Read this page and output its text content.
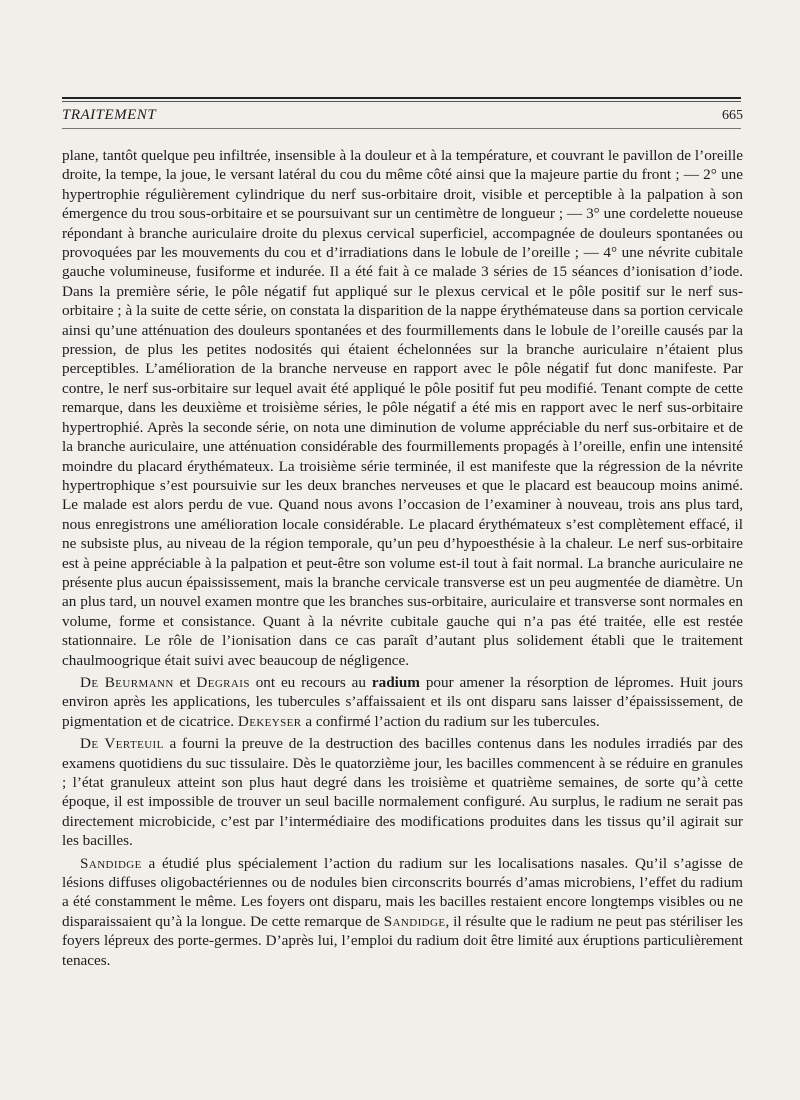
TRAITEMENT	665

plane, tantôt quelque peu infiltrée, insensible à la douleur et à la température, et couvrant le pavillon de l’oreille droite, la tempe, la joue, le versant latéral du cou du même côté ainsi que la majeure partie du front ; — 2° une hypertrophie régulièrement cylindrique du nerf sus-orbitaire droit, visible et perceptible à la palpation à son émergence du trou sous-orbitaire et se poursuivant sur un centimètre de longueur ; — 3° une cordelette noueuse répondant à branche auriculaire droite du plexus cervical superficiel, accompagnée de douleurs spontanées ou provoquées par les mouvements du cou et d’irradiations dans le lobule de l’oreille ; — 4° une névrite cubitale gauche volumineuse, fusiforme et indurée. Il a été fait à ce malade 3 séries de 15 séances d’ionisation d’iode. Dans la première série, le pôle négatif fut appliqué sur le plexus cervical et le pôle positif sur le nerf sus-orbitaire ; à la suite de cette série, on constata la disparition de la nappe érythémateuse dans sa portion cervicale ainsi qu’une atténuation des douleurs spontanées et des fourmillements dans le lobule de l’oreille causés par la pression, de plus les petites nodosités qui étaient échelonnées sur la branche auriculaire n’étaient plus perceptibles. L’amélioration de la branche nerveuse en rapport avec le pôle négatif fut donc manifeste. Par contre, le nerf sus-orbitaire sur lequel avait été appliqué le pôle positif fut peu modifié. Tenant compte de cette remarque, dans les deuxième et troisième séries, le pôle négatif a été mis en rapport avec le nerf sus-orbitaire hypertrophié. Après la seconde série, on nota une diminution de volume appréciable du nerf sus-orbitaire et de la branche auriculaire, une atténuation considérable des fourmillements propagés à l’oreille, enfin une intensité moindre du placard érythémateux. La troisième série terminée, il est manifeste que la régression de la névrite hypertrophique s’est poursuivie sur les deux branches nerveuses et que le placard est beaucoup moins animé. Le malade est alors perdu de vue. Quand nous avons l’occasion de l’examiner à nouveau, trois ans plus tard, nous enregistrons une amélioration locale considérable. Le placard érythémateux s’est complètement effacé, il ne subsiste plus, au niveau de la région temporale, qu’un peu d’hypoesthésie à la chaleur. Le nerf sus-orbitaire est à peine appréciable à la palpation et peut-être son volume est-il tout à fait normal. La branche auriculaire ne présente plus aucun épaississement, mais la branche cervicale transverse est un peu augmentée de diamètre. Un an plus tard, un nouvel examen montre que les branches sus-orbitaire, auriculaire et transverse sont normales en volume, forme et consistance. Quant à la névrite cubitale gauche qui n’a pas été traitée, elle est restée stationnaire. Le rôle de l’ionisation dans ce cas paraît d’autant plus solidement établi que le traitement chaulmoogrique était suivi avec beaucoup de négligence.

De Beurmann et Degrais ont eu recours au radium pour amener la résorption de lépromes. Huit jours environ après les applications, les tubercules s’affaissaient et ils ont disparu sans laisser d’épaississement, de pigmentation et de cicatrice. Dekeyser a confirmé l’action du radium sur les tubercules.

De Verteuil a fourni la preuve de la destruction des bacilles contenus dans les nodules irradiés par des examens quotidiens du suc tissulaire. Dès le quatorzième jour, les bacilles commencent à se réduire en granules ; l’état granuleux atteint son plus haut degré dans les troisième et quatrième semaines, de sorte qu’à cette époque, il est impossible de trouver un seul bacille normalement configuré. Au surplus, le radium ne serait pas directement microbicide, c’est par l’intermédiaire des modifications produites dans les tissus qu’il agirait sur les bacilles.

Sandidge a étudié plus spécialement l’action du radium sur les localisations nasales. Qu’il s’agisse de lésions diffuses oligobactériennes ou de nodules bien circonscrits bourrés d’amas microbiens, l’effet du radium a été constamment le même. Les foyers ont disparu, mais les bacilles restaient encore longtemps visibles ou ne disparaissaient qu’à la longue. De cette remarque de Sandidge, il résulte que le radium ne peut pas stériliser les foyers lépreux des porte-germes. D’après lui, l’emploi du radium doit être limité aux éruptions particulièrement tenaces.
